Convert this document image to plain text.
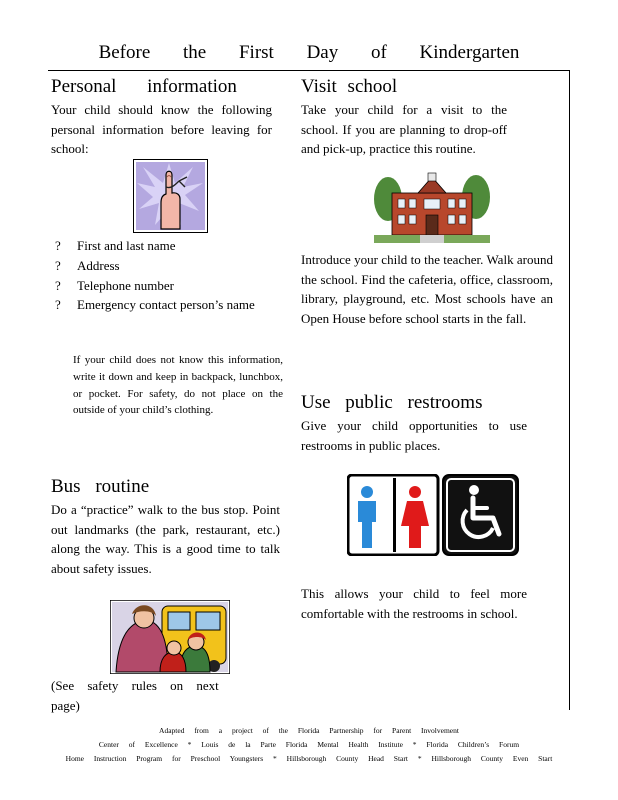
Before the First Day of Kindergarten
Personal information
Your child should know the following personal information before leaving for school:
? First and last name
? Address
? Telephone number
? Emergency contact person’s name
If your child does not know this information, write it down and keep in backpack, lunchbox, or pocket. For safety, do not place on the outside of your child’s clothing.
Bus routine
Do a “practice” walk to the bus stop. Point out landmarks (the park, restaurant, etc.) along the way. This is a good time to talk about safety issues.
(See safety rules on next page)
Visit school
Take your child for a visit to the school. If you are planning to drop-off and pick-up, practice this routine.
Introduce your child to the teacher. Walk around the school. Find the cafeteria, office, classroom, library, playground, etc. Most schools have an Open House before school starts in the fall.
Use public restrooms
Give your child opportunities to use restrooms in public places.
This allows your child to feel more comfortable with the restrooms in school.
Adapted from a project of the Florida Partnership for Parent Involvement
Center of Excellence * Louis de la Parte Florida Mental Health Institute * Florida Children’s Forum
Home Instruction Program for Preschool Youngsters * Hillsborough County Head Start * Hillsborough County Even Start
